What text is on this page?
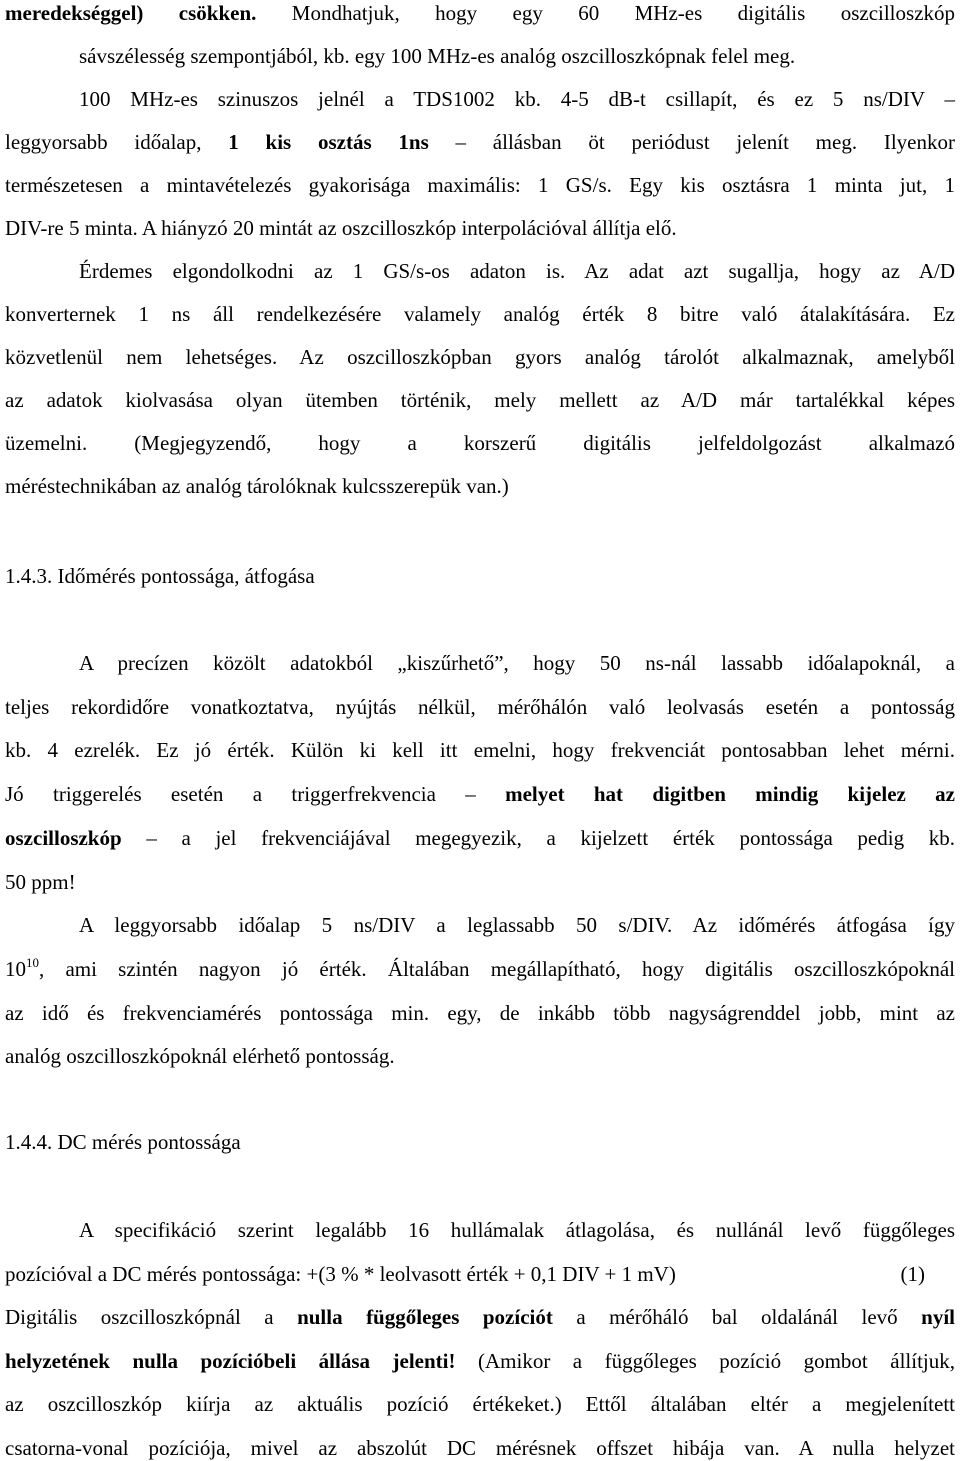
meredekséggel) csökken. Mondhatjuk, hogy egy 60 MHz-es digitális oszcilloszkóp
sávszélesség szempontjából, kb. egy 100 MHz-es analóg oszcilloszkópnak felel meg.
100 MHz-es szinuszos jelnél a TDS1002 kb. 4-5 dB-t csillapít, és ez 5 ns/DIV –
leggyorsabb időalap, 1 kis osztás 1ns – állásban öt periódust jelenít meg. Ilyenkor
természetesen a mintavételezés gyakorisága maximális: 1 GS/s. Egy kis osztásra 1 minta jut, 1
DIV-re 5 minta. A hiányzó 20 mintát az oszcilloszkóp interpolációval állítja elő.
Érdemes elgondolkodni az 1 GS/s-os adaton is. Az adat azt sugallja, hogy az A/D
konverternek 1 ns áll rendelkezésére valamely analóg érték 8 bitre való átalakítására. Ez
közvetlenül nem lehetséges. Az oszcilloszkópban gyors analóg tárolót alkalmaznak, amelyből
az adatok kiolvasása olyan ütemben történik, mely mellett az A/D már tartalékkal képes
üzemelni. (Megjegyzendő, hogy a korszerű digitális jelfeldolgozást alkalmazó
méréstechnikában az analóg tárolóknak kulcsszerepük van.)
1.4.3. Időmérés pontossága, átfogása
A precízen közölt adatokból „kiszűrhető”, hogy 50 ns-nál lassabb időalapoknál, a
teljes rekordidőre vonatkoztatva, nyújtás nélkül, mérőhálón való leolvasás esetén a pontosság
kb. 4 ezrelék. Ez jó érték. Külön ki kell itt emelni, hogy frekvenciát pontosabban lehet mérni.
Jó triggerelés esetén a triggerfrekvencia – melyet hat digitben mindig kijelez az
oszcilloszkóp – a jel frekvenciájával megegyezik, a kijelzett érték pontossága pedig kb.
50 ppm!
A leggyorsabb időalap 5 ns/DIV a leglassabb 50 s/DIV. Az időmérés átfogása így
$10^{10}$, ami szintén nagyon jó érték. Általában megállapítható, hogy digitális oszcilloszkópoknál
az idő és frekvenciamérés pontossága min. egy, de inkább több nagyságrenddel jobb, mint az
analóg oszcilloszkópoknál elérhető pontosság.
1.4.4. DC mérés pontossága
A specifikáció szerint legalább 16 hullámalak átlagolása, és nullánál levő függőleges
pozícióval a DC mérés pontossága: +(3 % * leolvasott érték + 0,1 DIV + 1 mV)	(1)
Digitális oszcilloszkópnál a nulla függőleges pozíciót a mérőháló bal oldalánál levő nyíl
helyzetének nulla pozícióbeli állása jelenti! (Amikor a függőleges pozíció gombot állítjuk,
az oszcilloszkóp kiírja az aktuális pozíció értékeket.) Ettől általában eltér a megjelenített
csatorna-vonal pozíciója, mivel az abszolút DC mérésnek offszet hibája van. A nulla helyzet
